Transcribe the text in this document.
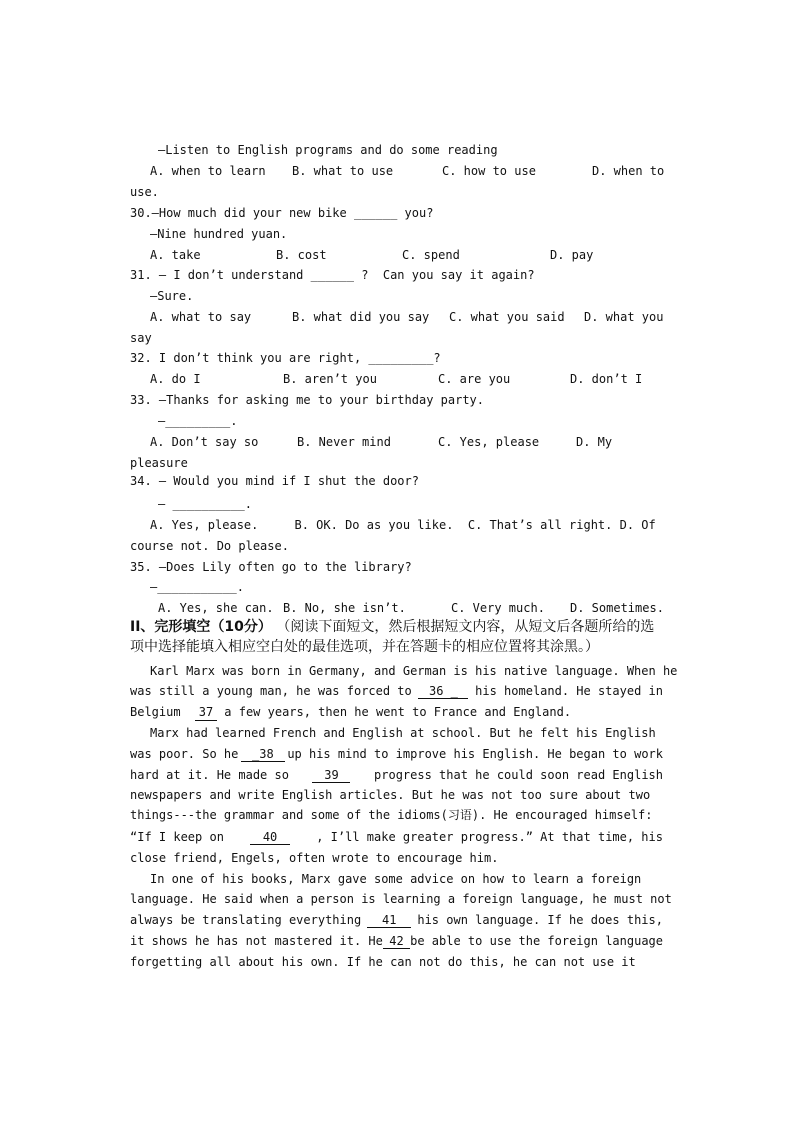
—Listen to English programs and do some reading
A. when to learn B. what to use	C. how to use	D. when to
use.
30.—How much did your new bike ______ you?
—Nine hundred yuan.
A. take	B. cost	C. spend	D. pay
31. — I don’t understand ______ ?  Can you say it again?
—Sure.
A. what to say	B. what did you say C. what you said D. what you
say
32. I don’t think you are right, _________?
A. do I	B. aren’t you	C. are you	D. don’t I
33. —Thanks for asking me to your birthday party.
—_________.
A. Don’t say so	B. Never mind	C. Yes, please	D. My
pleasure
34. — Would you mind if I shut the door?
— __________.
A. Yes, please.     B. OK. Do as you like.  C. That’s all right. D. Of
course not. Do please.
35. —Does Lily often go to the library?
—___________.
A. Yes, she can. B. No, she isn’t.	C. Very much. D. Sometimes.
II、完形填空（10分） （阅读下面短文，然后根据短文内容，从短文后各题所给的选
项中选择能填入相应空白处的最佳选项，并在答题卡的相应位置将其涂黑。）
Karl Marx was born in Germany, and German is his native language. When he
was still a young man, he was forced to	36 _	his homeland. He stayed in
Belgium 37 a few years, then he went to France and England.
Marx had learned French and English at school. But he felt his English
was poor. So he	_38	up his mind to improve his English. He began to work
hard at it. He made so	39	progress that he could soon read English
newspapers and write English articles. But he was not too sure about two
things---the grammar and some of the idioms(习语). He encouraged himself:
“If I keep on	40	, I’ll make greater progress.” At that time, his
close friend, Engels, often wrote to encourage him.
In one of his books, Marx gave some advice on how to learn a foreign
language. He said when a person is learning a foreign language, he must not
always be translating everything	41	his own language. If he does this,
it shows he has not mastered it. He 42 be able to use the foreign language
forgetting all about his own. If he can not do this, he can not use it
